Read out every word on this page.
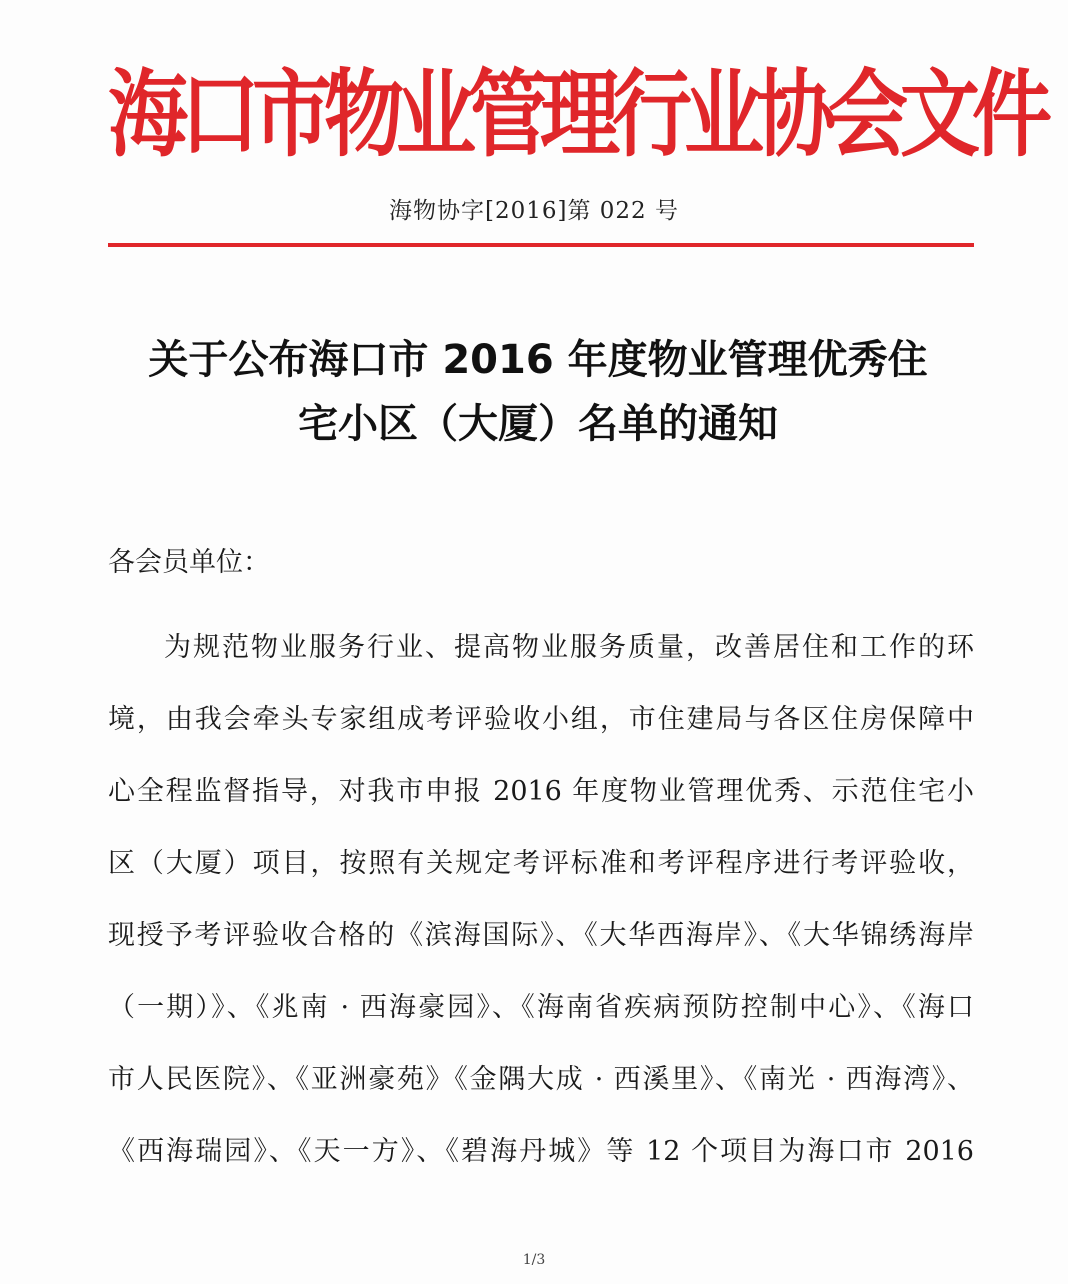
海
口
市
物
业
管
理
行
业
协
会
文
件
海物协字[2016]第 022 号
关于公布海口市 2016 年度物业管理优秀住
宅小区（大厦）名单的通知
各会员单位：
为规范物业服务行业、提高物业服务质量，改善居住和工作的环
境，由我会牵头专家组成考评验收小组，市住建局与各区住房保障中
心全程监督指导，对我市申报 2016 年度物业管理优秀、示范住宅小
区（大厦）项目，按照有关规定考评标准和考评程序进行考评验收，
现授予考评验收合格的《滨海国际》、《大华西海岸》、《大华锦绣海岸
（一期）》、《兆南 · 西海豪园》、《海南省疾病预防控制中心》、《海口
市人民医院》、《亚洲豪苑》《金隅大成 · 西溪里》、《南光 · 西海湾》、
《西海瑞园》、《天一方》、《碧海丹城》等 12 个项目为海口市 2016
1/3
